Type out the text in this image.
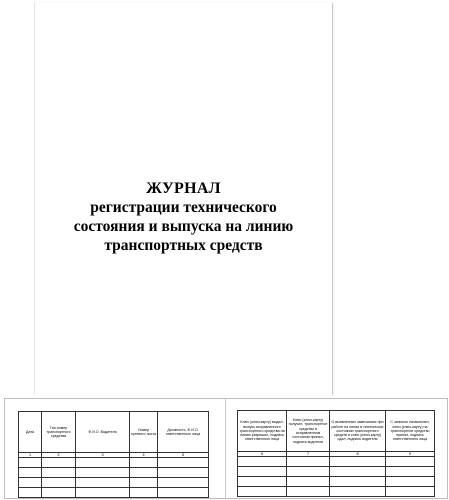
ЖУРНАЛ
регистрации технического
состояния и выпуска на линию
транспортных средств
Дата	Тип,номер транспортного средства	Ф.И.О. Водителя	Номер путевого листа	Должность, Ф.И.О. ответственного лица
1	2	3	4	5

Ключ (ключ-карту) выдал, выпуск исправленного транспортного средства на линию разрешил, подпись ответственного лица	Ключ (ключ-карту) получил, транспортное средство в исправленном состоянии принял, подпись водителя	О выявленных замечаниях при работе на линии в технических состоянии транспортного средств и ключ (ключ-карту) сдал, подпись водителя	С записью ознакомлен, ключ (ключ-карту) на транспортное средство принял, подпись ответственного лица
6	7	8	9
